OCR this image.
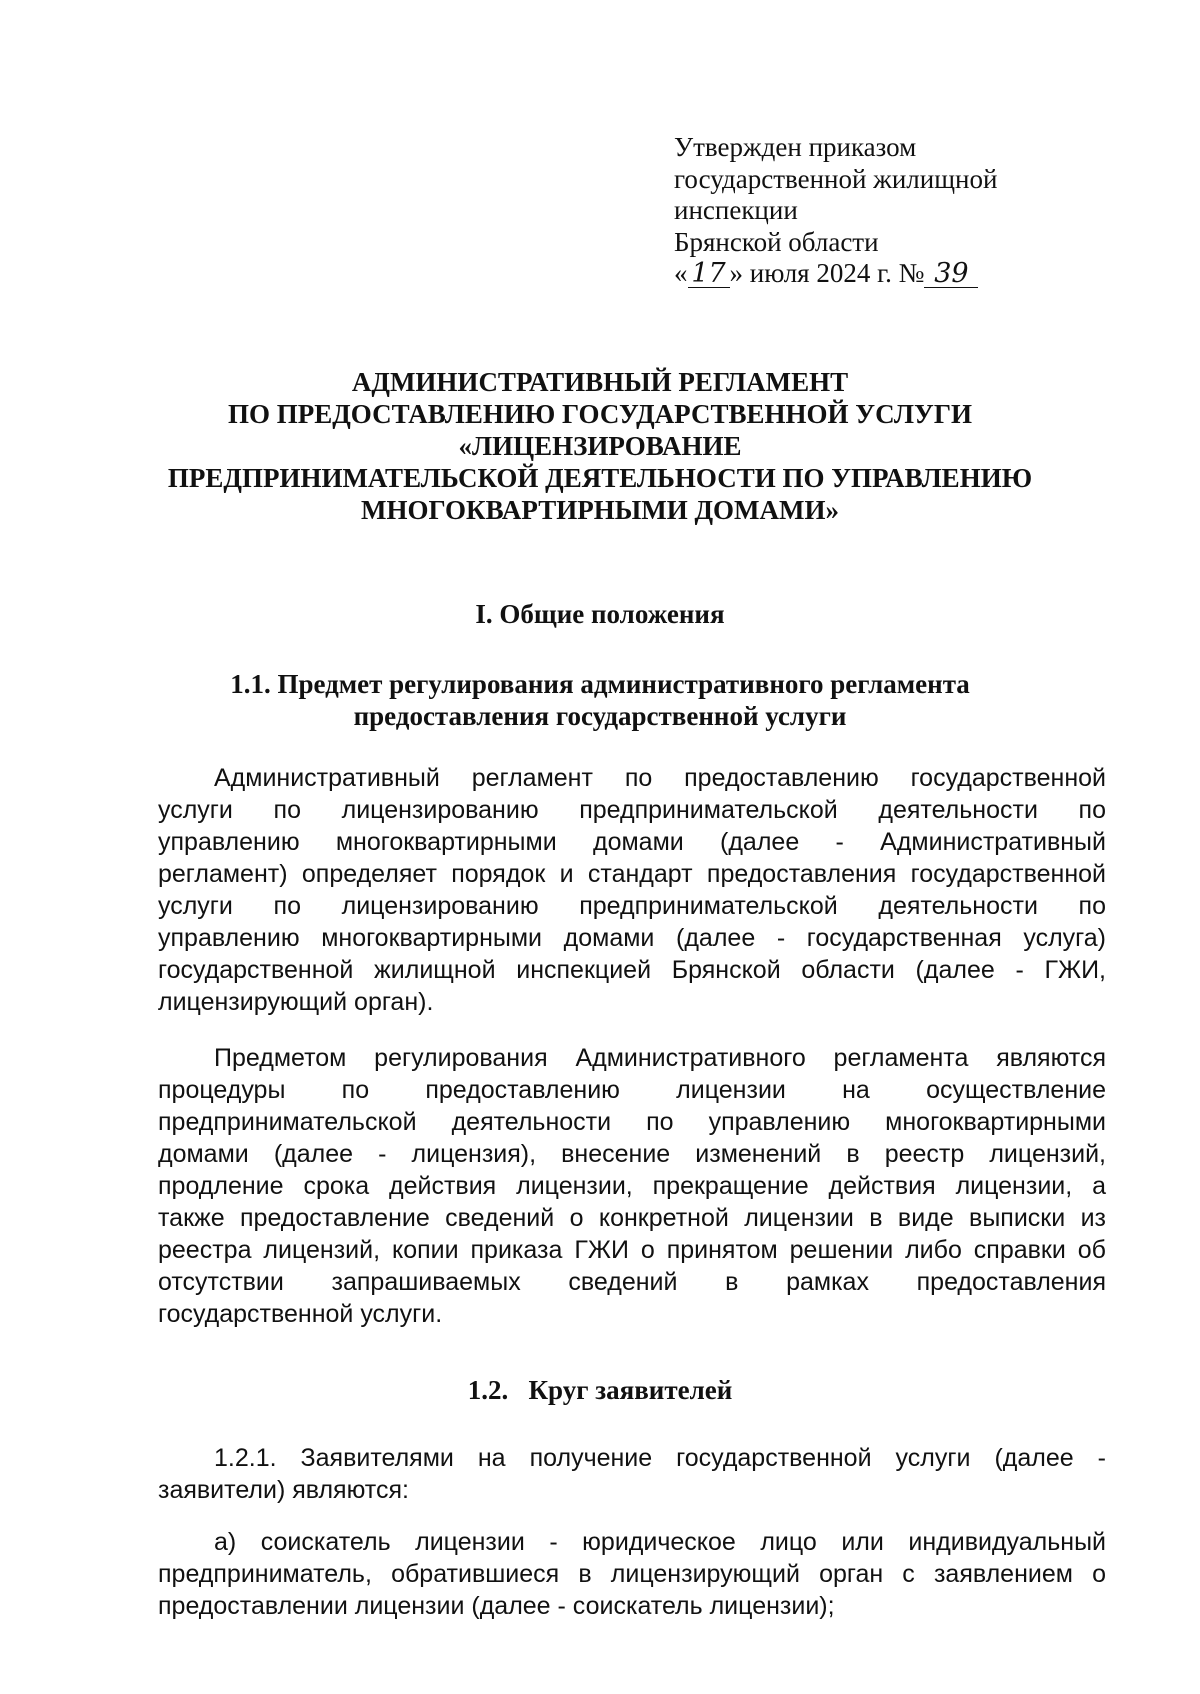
Утвержден приказом
государственной жилищной
инспекции
Брянской области
« 17 » июля 2024 г. № 39
АДМИНИСТРАТИВНЫЙ РЕГЛАМЕНТ
ПО ПРЕДОСТАВЛЕНИЮ ГОСУДАРСТВЕННОЙ УСЛУГИ
«ЛИЦЕНЗИРОВАНИЕ
ПРЕДПРИНИМАТЕЛЬСКОЙ ДЕЯТЕЛЬНОСТИ ПО УПРАВЛЕНИЮ
МНОГОКВАРТИРНЫМИ ДОМАМИ»
I. Общие положения
1.1. Предмет регулирования административного регламента
предоставления государственной услуги
Административный регламент по предоставлению государственной
услуги по лицензированию предпринимательской деятельности по
управлению многоквартирными домами (далее - Административный
регламент) определяет порядок и стандарт предоставления государственной
услуги по лицензированию предпринимательской деятельности по
управлению многоквартирными домами (далее - государственная услуга)
государственной жилищной инспекцией Брянской области (далее - ГЖИ,
лицензирующий орган).
Предметом регулирования Административного регламента являются
процедуры по предоставлению лицензии на осуществление
предпринимательской деятельности по управлению многоквартирными
домами (далее - лицензия), внесение изменений в реестр лицензий,
продление срока действия лицензии, прекращение действия лицензии, а
также предоставление сведений о конкретной лицензии в виде выписки из
реестра лицензий, копии приказа ГЖИ о принятом решении либо справки об
отсутствии запрашиваемых сведений в рамках предоставления
государственной услуги.
1.2.   Круг заявителей
1.2.1. Заявителями на получение государственной услуги (далее -
заявители) являются:
а) соискатель лицензии - юридическое лицо или индивидуальный
предприниматель, обратившиеся в лицензирующий орган с заявлением о
предоставлении лицензии (далее - соискатель лицензии);
